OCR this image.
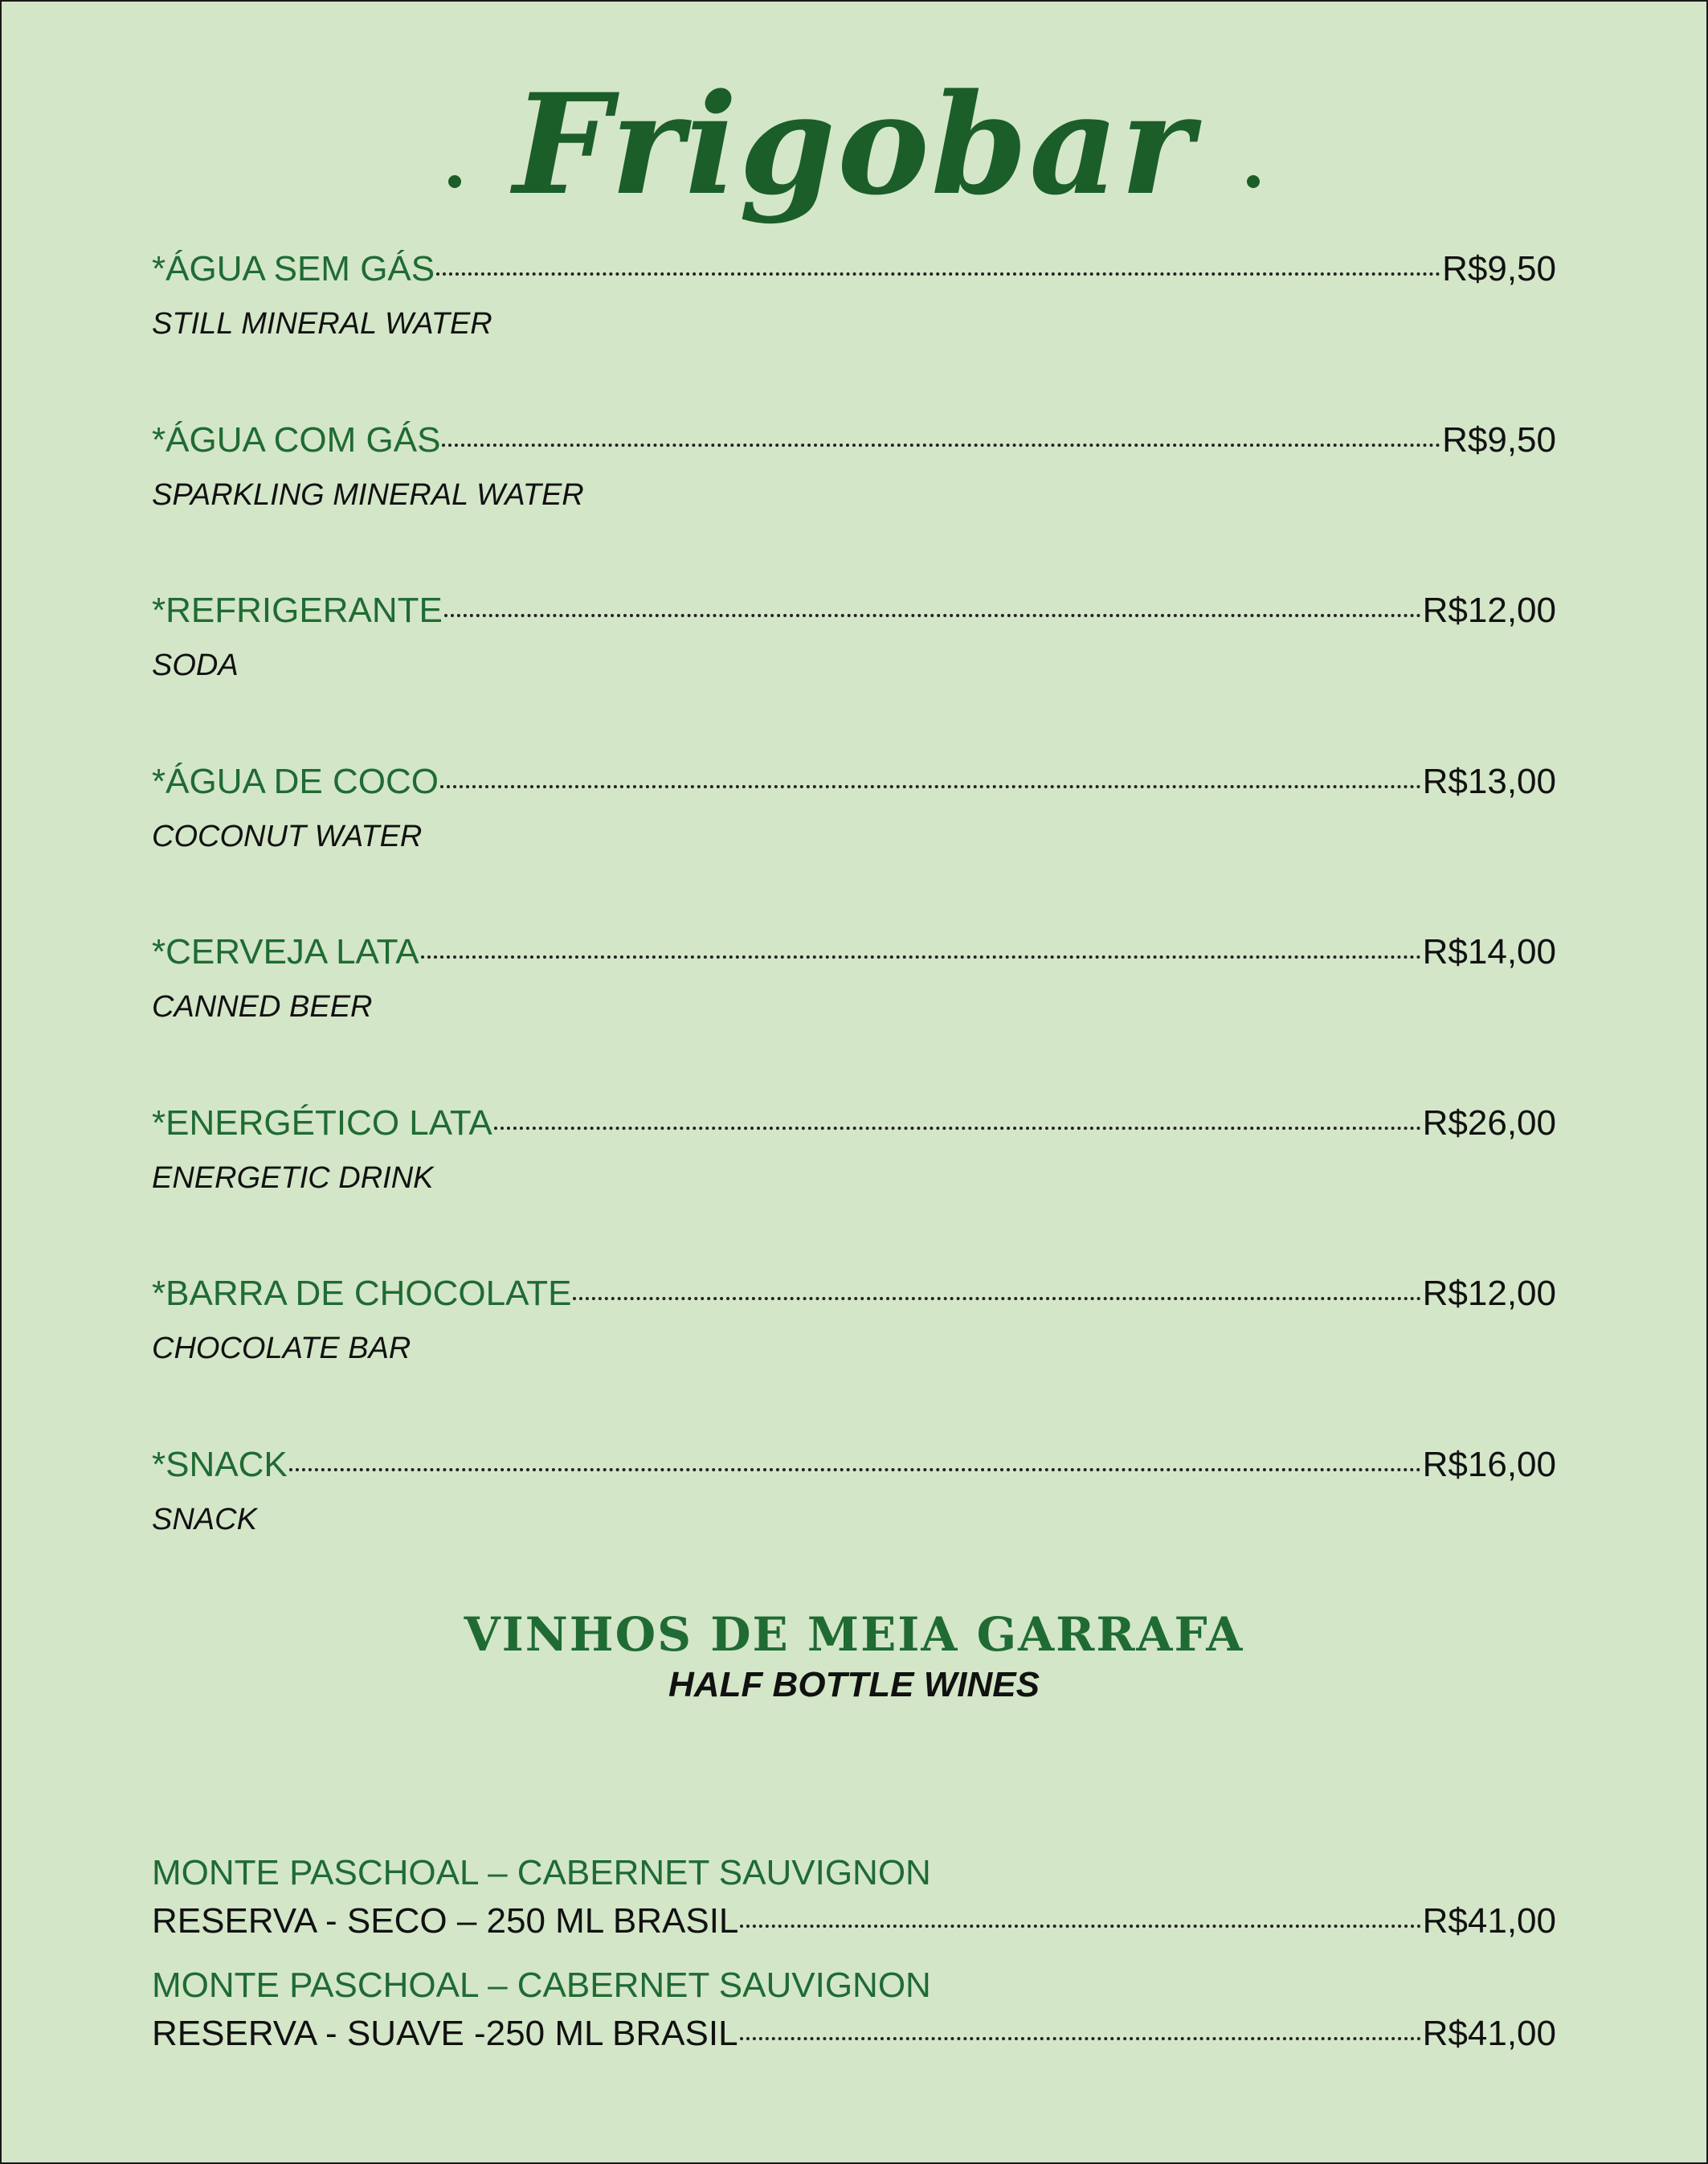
Frigobar
*ÁGUA SEM GÁS	R$9,50
STILL MINERAL WATER
*ÁGUA COM GÁS	R$9,50
SPARKLING MINERAL WATER
*REFRIGERANTE	R$12,00
SODA
*ÁGUA DE COCO	R$13,00
COCONUT WATER
*CERVEJA LATA	R$14,00
CANNED BEER
*ENERGÉTICO LATA	R$26,00
ENERGETIC DRINK
*BARRA DE CHOCOLATE	R$12,00
CHOCOLATE BAR
*SNACK	R$16,00
SNACK
VINHOS DE MEIA GARRAFA
HALF BOTTLE WINES
MONTE PASCHOAL – CABERNET SAUVIGNON
RESERVA - SECO – 250 ML BRASIL	R$41,00
MONTE PASCHOAL – CABERNET SAUVIGNON
RESERVA - SUAVE -250 ML BRASIL	R$41,00
